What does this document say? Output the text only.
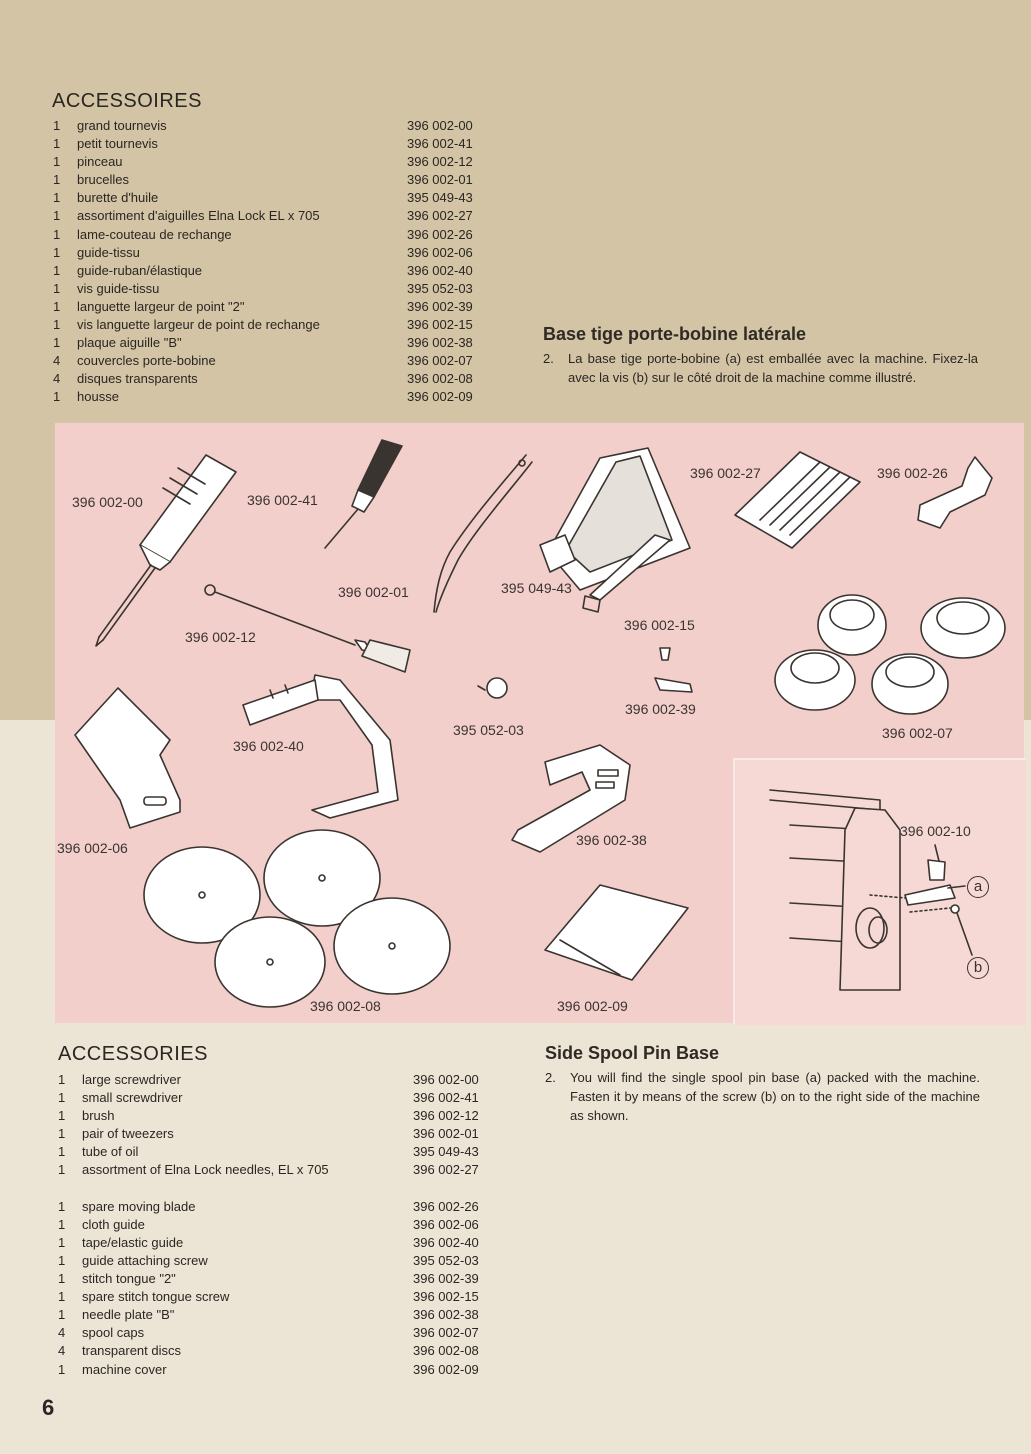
ACCESSOIRES
1 grand tournevis	396 002-00
1 petit tournevis	396 002-41
1 pinceau	396 002-12
1 brucelles	396 002-01
1 burette d'huile	395 049-43
1 assortiment d'aiguilles Elna Lock EL x 705	396 002-27
1 lame-couteau de rechange	396 002-26
1 guide-tissu	396 002-06
1 guide-ruban/élastique	396 002-40
1 vis guide-tissu	395 052-03
1 languette largeur de point "2"	396 002-39
1 vis languette largeur de point de rechange	396 002-15
1 plaque aiguille "B"	396 002-38
4 couvercles porte-bobine	396 002-07
4 disques transparents	396 002-08
1 housse	396 002-09
Base tige porte-bobine latérale
2. La base tige porte-bobine (a) est emballée avec la machine. Fixez-la avec la vis (b) sur le côté droit de la machine comme illustré.
396 002-00	396 002-41
396 002-01	395 049-43
396 002-27	396 002-26
396 002-12
396 002-15
396 002-39
396 002-07
395 052-03
396 002-40
396 002-06	396 002-38
396 002-10
a
b
396 002-08	396 002-09
ACCESSORIES
1 large screwdriver	396 002-00
1 small screwdriver	396 002-41
1 brush	396 002-12
1 pair of tweezers	396 002-01
1 tube of oil	395 049-43
1 assortment of Elna Lock needles, EL x 705	396 002-27
1 spare moving blade	396 002-26
1 cloth guide	396 002-06
1 tape/elastic guide	396 002-40
1 guide attaching screw	395 052-03
1 stitch tongue "2"	396 002-39
1 spare stitch tongue screw	396 002-15
1 needle plate "B"	396 002-38
4 spool caps	396 002-07
4 transparent discs	396 002-08
1 machine cover	396 002-09
Side Spool Pin Base
2. You will find the single spool pin base (a) packed with the machine. Fasten it by means of the screw (b) on to the right side of the machine as shown.
6
